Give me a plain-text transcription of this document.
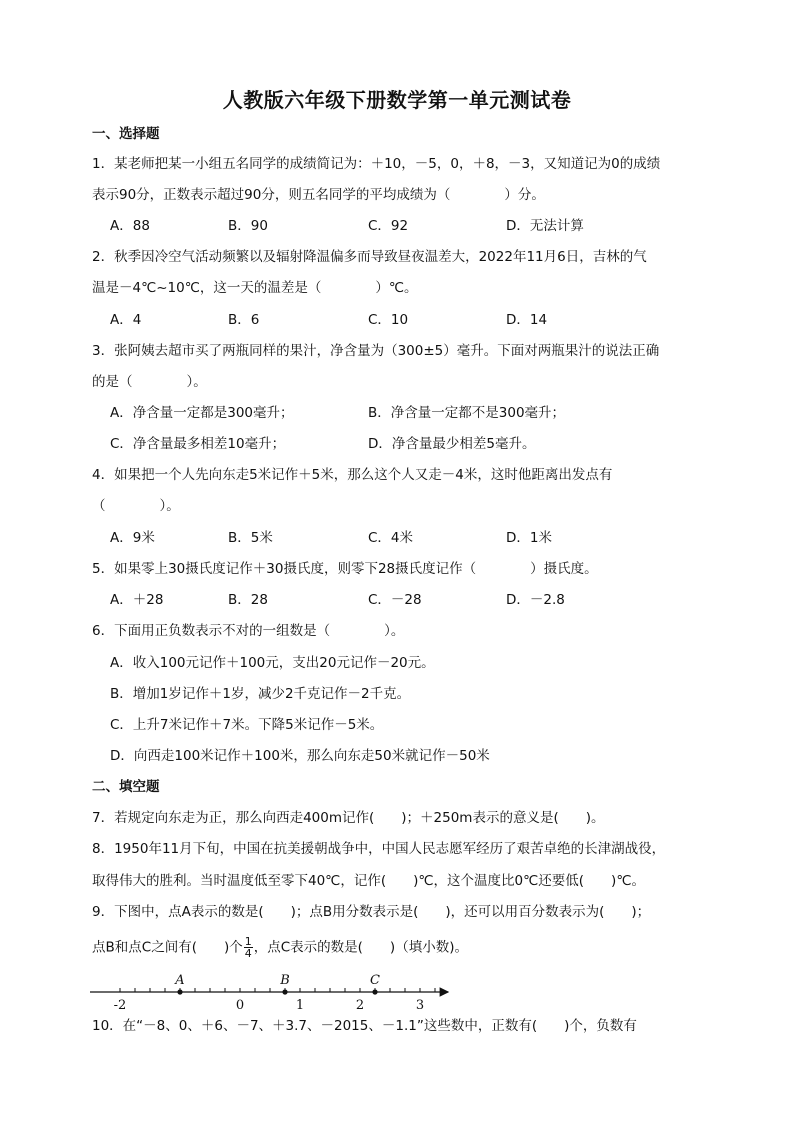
人教版六年级下册数学第一单元测试卷
一、选择题
1．某老师把某一小组五名同学的成绩简记为：＋10，－5，0，＋8，－3，又知道记为0的成绩
表示90分，正数表示超过90分，则五名同学的平均成绩为（　　　　）分。
A．88	B．90	C．92	D．无法计算
2．秋季因冷空气活动频繁以及辐射降温偏多而导致昼夜温差大，2022年11月6日，吉林的气
温是－4℃~10℃，这一天的温差是（　　　　）℃。
A．4	B．6	C．10	D．14
3．张阿姨去超市买了两瓶同样的果汁，净含量为（300±5）毫升。下面对两瓶果汁的说法正确
的是（　　　　）。
A．净含量一定都是300毫升；	B．净含量一定都不是300毫升；
C．净含量最多相差10毫升；	D．净含量最少相差5毫升。
4．如果把一个人先向东走5米记作＋5米，那么这个人又走－4米，这时他距离出发点有
（　　　　）。
A．9米	B．5米	C．4米	D．1米
5．如果零上30摄氏度记作＋30摄氏度，则零下28摄氏度记作（　　　　）摄氏度。
A．＋28	B．28	C．－28	D．－2.8
6．下面用正负数表示不对的一组数是（　　　　）。
A．收入100元记作＋100元，支出20元记作－20元。
B．增加1岁记作＋1岁，减少2千克记作－2千克。
C．上升7米记作＋7米。下降5米记作－5米。
D．向西走100米记作＋100米，那么向东走50米就记作－50米
二、填空题
7．若规定向东走为正，那么向西走400m记作(　　)；＋250m表示的意义是(　　)。
8．1950年11月下旬，中国在抗美援朝战争中，中国人民志愿军经历了艰苦卓绝的长津湖战役，
取得伟大的胜利。当时温度低至零下40℃，记作(　　)℃，这个温度比0℃还要低(　　)℃。
9．下图中，点A表示的数是(　　)；点B用分数表示是(　　)，还可以用百分数表示为(　　)；
点B和点C之间有(　　)个 $\frac{1}{4}$ ，点C表示的数是(　　)（填小数)。
-2	0	1	2	3
A	B	C
10．在“－8、0、＋6、－7、＋3.7、－2015、－1.1”这些数中，正数有(　　)个，负数有
